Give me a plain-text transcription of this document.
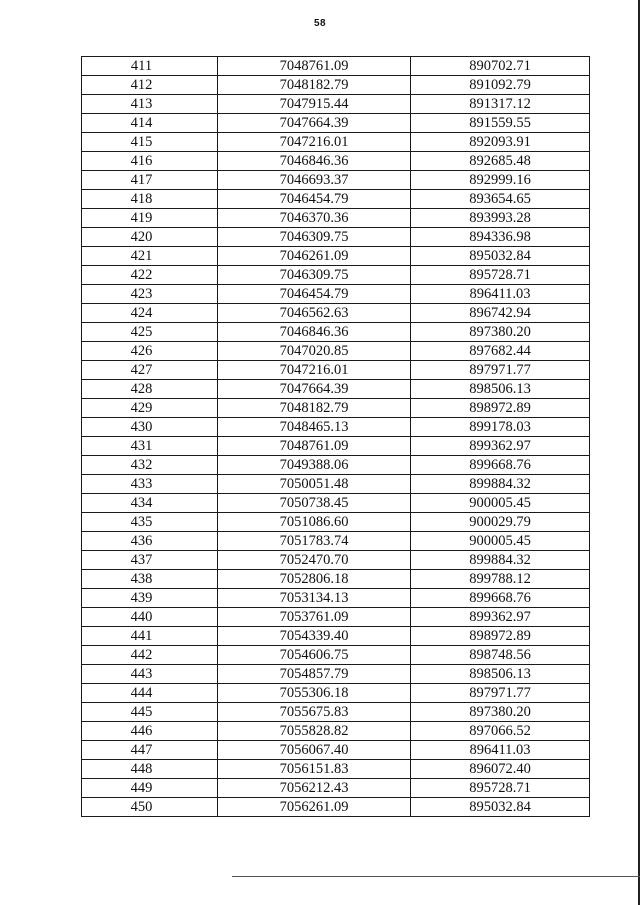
58
411	7048761.09	890702.71
412	7048182.79	891092.79
413	7047915.44	891317.12
414	7047664.39	891559.55
415	7047216.01	892093.91
416	7046846.36	892685.48
417	7046693.37	892999.16
418	7046454.79	893654.65
419	7046370.36	893993.28
420	7046309.75	894336.98
421	7046261.09	895032.84
422	7046309.75	895728.71
423	7046454.79	896411.03
424	7046562.63	896742.94
425	7046846.36	897380.20
426	7047020.85	897682.44
427	7047216.01	897971.77
428	7047664.39	898506.13
429	7048182.79	898972.89
430	7048465.13	899178.03
431	7048761.09	899362.97
432	7049388.06	899668.76
433	7050051.48	899884.32
434	7050738.45	900005.45
435	7051086.60	900029.79
436	7051783.74	900005.45
437	7052470.70	899884.32
438	7052806.18	899788.12
439	7053134.13	899668.76
440	7053761.09	899362.97
441	7054339.40	898972.89
442	7054606.75	898748.56
443	7054857.79	898506.13
444	7055306.18	897971.77
445	7055675.83	897380.20
446	7055828.82	897066.52
447	7056067.40	896411.03
448	7056151.83	896072.40
449	7056212.43	895728.71
450	7056261.09	895032.84
